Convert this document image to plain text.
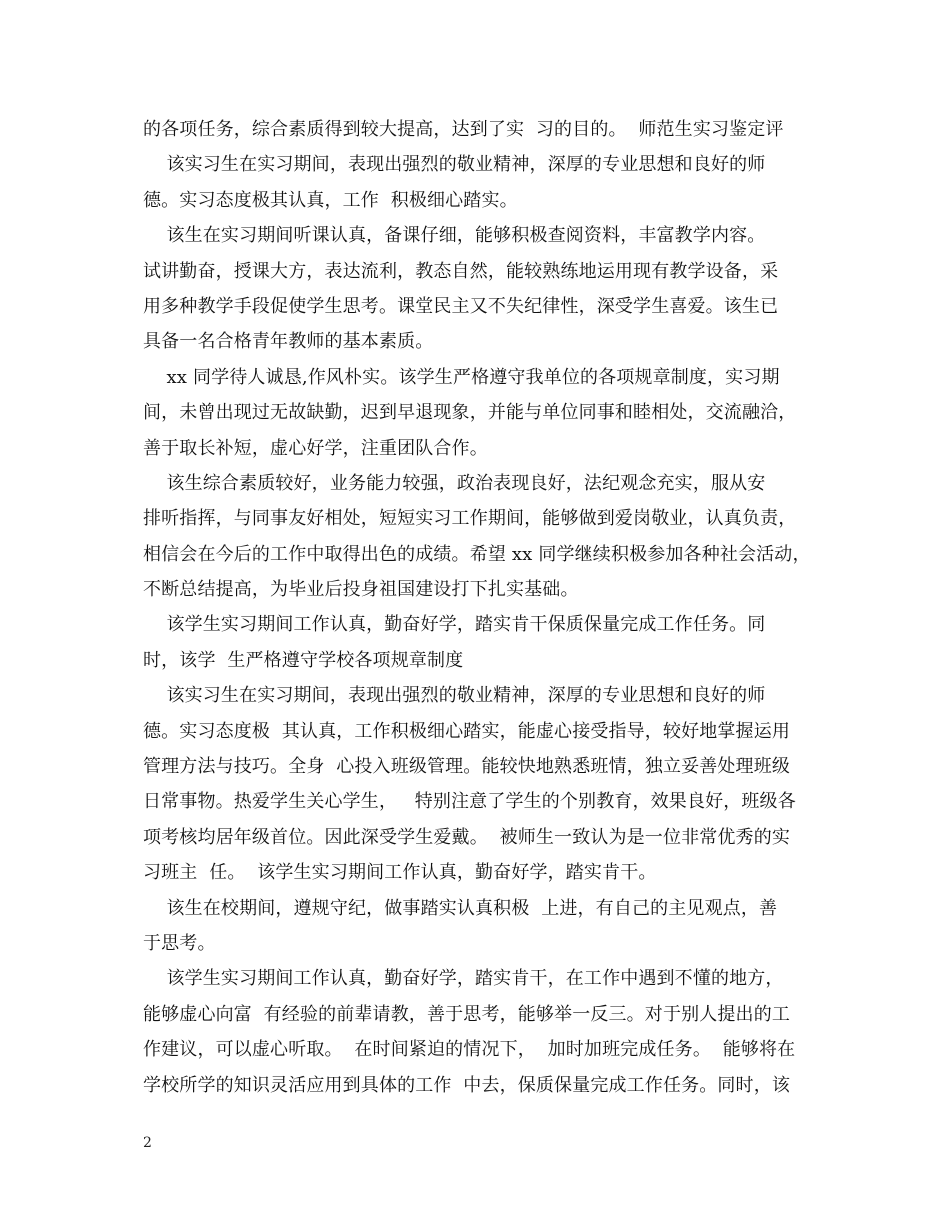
的各项任务，综合素质得到较大提高，达到了实  习的目的。  师范生实习鉴定评
该实习生在实习期间，表现出强烈的敬业精神，深厚的专业思想和良好的师
德。实习态度极其认真，工作  积极细心踏实。
该生在实习期间听课认真，备课仔细，能够积极查阅资料，丰富教学内容。
试讲勤奋，授课大方，表达流利，教态自然，能较熟练地运用现有教学设备，采
用多种教学手段促使学生思考。课堂民主又不失纪律性，深受学生喜爱。该生已
具备一名合格青年教师的基本素质。
xx 同学待人诚恳,作风朴实。该学生严格遵守我单位的各项规章制度，实习期
间，未曾出现过无故缺勤，迟到早退现象，并能与单位同事和睦相处，交流融洽，
善于取长补短，虚心好学，注重团队合作。
该生综合素质较好，业务能力较强，政治表现良好，法纪观念充实，服从安
排听指挥，与同事友好相处，短短实习工作期间，能够做到爱岗敬业，认真负责，
相信会在今后的工作中取得出色的成绩。希望 xx 同学继续积极参加各种社会活动，
不断总结提高，为毕业后投身祖国建设打下扎实基础。
该学生实习期间工作认真，勤奋好学，踏实肯干保质保量完成工作任务。同
时，该学  生严格遵守学校各项规章制度
该实习生在实习期间，表现出强烈的敬业精神，深厚的专业思想和良好的师
德。实习态度极  其认真，工作积极细心踏实，能虚心接受指导，较好地掌握运用
管理方法与技巧。全身  心投入班级管理。能较快地熟悉班情，独立妥善处理班级
日常事物。热爱学生关心学生，   特别注意了学生的个别教育，效果良好，班级各
项考核均居年级首位。因此深受学生爱戴。  被师生一致认为是一位非常优秀的实
习班主  任。  该学生实习期间工作认真，勤奋好学，踏实肯干。
该生在校期间，遵规守纪，做事踏实认真积极  上进，有自己的主见观点，善
于思考。
该学生实习期间工作认真，勤奋好学，踏实肯干，在工作中遇到不懂的地方，
能够虚心向富  有经验的前辈请教，善于思考，能够举一反三。对于别人提出的工
作建议，可以虚心听取。  在时间紧迫的情况下，  加时加班完成任务。  能够将在
学校所学的知识灵活应用到具体的工作  中去，保质保量完成工作任务。同时，该
2
